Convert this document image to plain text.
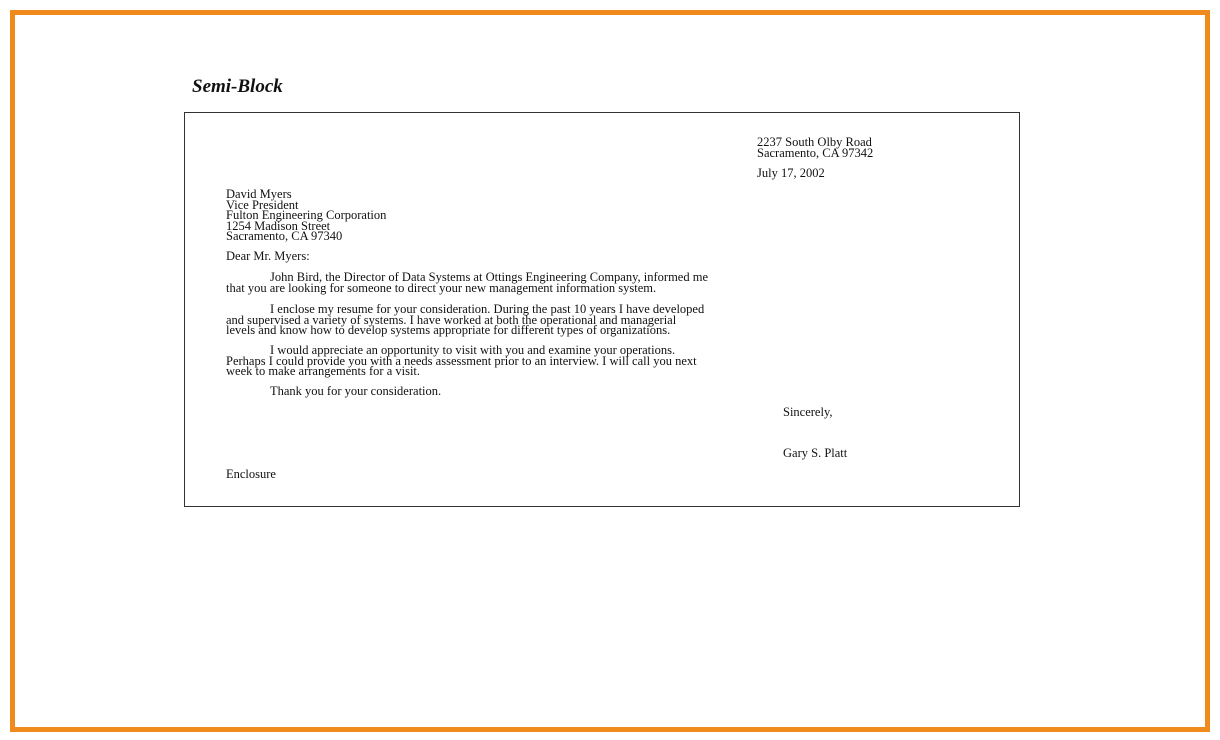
Semi-Block

2237 South Olby Road

Sacramento, CA 97342

July 17, 2002

David Myers

Vice President

Fulton Engineering Corporation

1254 Madison Street

Sacramento, CA 97340

Dear Mr. Myers:

John Bird, the Director of Data Systems at Ottings Engineering Company, informed me

that you are looking for someone to direct your new management information system.

I enclose my resume for your consideration. During the past 10 years I have developed

and supervised a variety of systems. I have worked at both the operational and managerial

levels and know how to develop systems appropriate for different types of organizations.

I would appreciate an opportunity to visit with you and examine your operations.

Perhaps I could provide you with a needs assessment prior to an interview. I will call you next

week to make arrangements for a visit.

Thank you for your consideration.

Sincerely,

Gary S. Platt

Enclosure
